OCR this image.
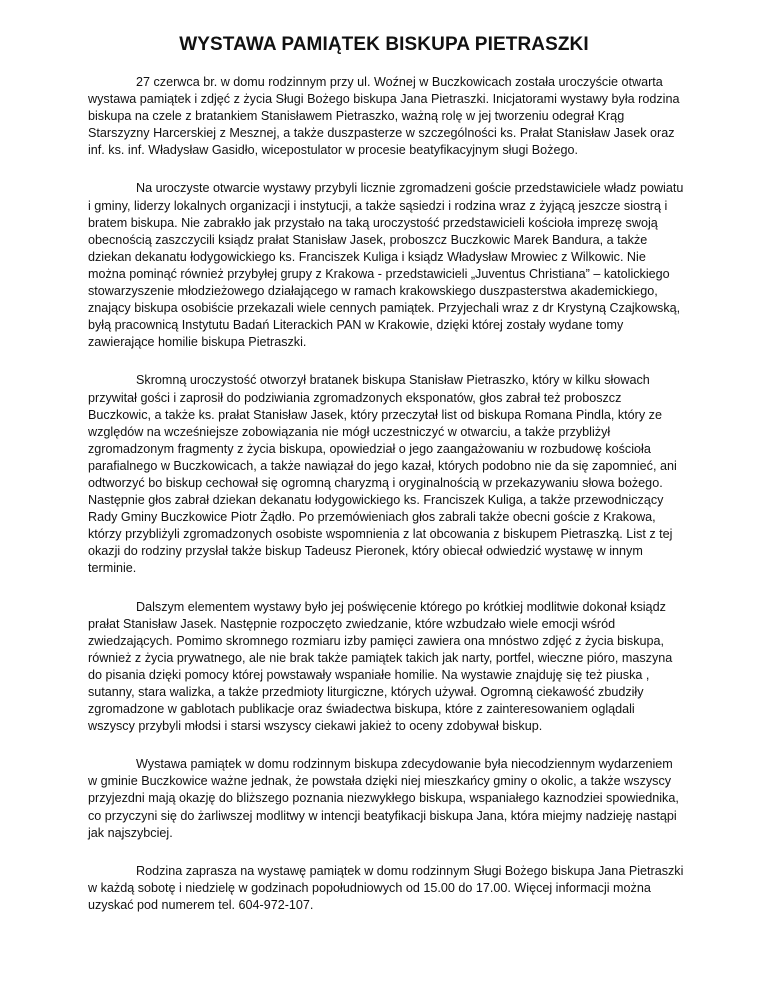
WYSTAWA PAMIĄTEK BISKUPA PIETRASZKI

27 czerwca br. w domu rodzinnym przy ul. Woźnej w Buczkowicach została uroczyście otwarta wystawa pamiątek i zdjęć z życia Sługi Bożego biskupa Jana Pietraszki. Inicjatorami wystawy była rodzina biskupa na czele z bratankiem Stanisławem Pietraszko, ważną rolę w jej tworzeniu odegrał Krąg Starszyzny Harcerskiej z Mesznej, a także duszpasterze w szczególności ks. Prałat Stanisław Jasek oraz inf. ks. inf. Władysław Gasidło, wicepostulator w procesie beatyfikacyjnym sługi Bożego.

Na uroczyste otwarcie wystawy przybyli licznie zgromadzeni goście przedstawiciele władz powiatu i gminy, liderzy lokalnych organizacji i instytucji, a także sąsiedzi i rodzina wraz z żyjącą jeszcze siostrą i bratem biskupa. Nie zabrakło jak przystało na taką uroczystość przedstawicieli kościoła imprezę swoją obecnością zaszczycili ksiądz prałat Stanisław Jasek, proboszcz Buczkowic Marek Bandura, a także dziekan dekanatu łodygowickiego ks. Franciszek Kuliga i ksiądz Władysław Mrowiec z Wilkowic. Nie można pominąć również przybyłej grupy z Krakowa - przedstawicieli „Juventus Christiana” – katolickiego stowarzyszenie młodzieżowego działającego w ramach krakowskiego duszpasterstwa akademickiego, znający biskupa osobiście przekazali wiele cennych pamiątek. Przyjechali wraz z dr Krystyną Czajkowską, byłą pracownicą Instytutu Badań Literackich PAN w Krakowie, dzięki której zostały wydane tomy zawierające homilie biskupa Pietraszki.

Skromną uroczystość otworzył bratanek biskupa Stanisław Pietraszko, który w kilku słowach przywitał gości i zaprosił do podziwiania zgromadzonych eksponatów, głos zabrał też proboszcz Buczkowic, a także ks. prałat Stanisław Jasek, który przeczytał list od biskupa Romana Pindla, który ze względów na wcześniejsze zobowiązania nie mógł uczestniczyć w otwarciu, a także przybliżył zgromadzonym fragmenty z życia biskupa, opowiedział o jego zaangażowaniu w rozbudowę kościoła parafialnego w Buczkowicach, a także nawiązał do jego kazał, których podobno nie da się zapomnieć, ani odtworzyć bo biskup cechował się ogromną charyzmą i oryginalnością w przekazywaniu słowa bożego. Następnie głos zabrał dziekan dekanatu łodygowickiego ks. Franciszek Kuliga, a także przewodniczący Rady Gminy Buczkowice Piotr Żądło. Po przemówieniach głos zabrali także obecni goście z Krakowa, którzy przybliżyli zgromadzonych osobiste wspomnienia z lat obcowania z biskupem Pietraszką. List z tej okazji do rodziny przysłał także biskup Tadeusz Pieronek, który obiecał odwiedzić wystawę w innym terminie.

Dalszym elementem wystawy było jej poświęcenie którego po krótkiej modlitwie dokonał ksiądz prałat Stanisław Jasek. Następnie rozpoczęto zwiedzanie, które wzbudzało wiele emocji wśród zwiedzających. Pomimo skromnego rozmiaru izby pamięci zawiera ona mnóstwo zdjęć z życia biskupa, również z życia prywatnego, ale nie brak także pamiątek takich jak narty, portfel, wieczne pióro, maszyna do pisania dzięki pomocy której powstawały wspaniałe homilie. Na wystawie znajduję się też piuska , sutanny, stara walizka, a także przedmioty liturgiczne, których używał. Ogromną ciekawość zbudziły zgromadzone w gablotach publikacje oraz świadectwa biskupa, które z zainteresowaniem oglądali wszyscy przybyli młodsi i starsi wszyscy ciekawi jakież to oceny zdobywał biskup.

Wystawa pamiątek w domu rodzinnym biskupa zdecydowanie była niecodziennym wydarzeniem w gminie Buczkowice ważne jednak, że powstała dzięki niej mieszkańcy gminy o okolic, a także wszyscy przyjezdni mają okazję do bliższego poznania niezwykłego biskupa, wspaniałego kaznodziei spowiednika, co przyczyni się do żarliwszej modlitwy w intencji beatyfikacji biskupa Jana, która miejmy nadzieję nastąpi jak najszybciej.

Rodzina zaprasza na wystawę pamiątek w domu rodzinnym Sługi Bożego biskupa Jana Pietraszki w każdą sobotę i niedzielę w godzinach popołudniowych od 15.00 do 17.00. Więcej informacji można uzyskać pod numerem tel. 604-972-107.
